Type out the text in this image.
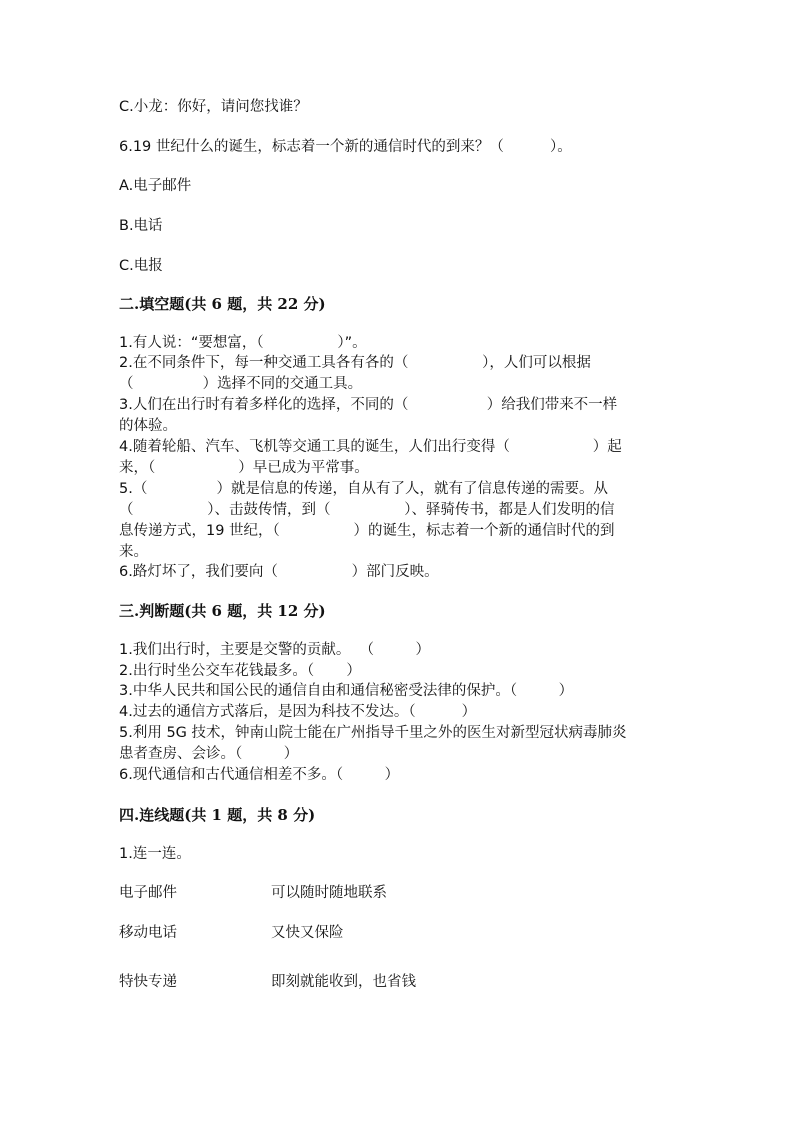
C.小龙：你好，请问您找谁？

6.19 世纪什么的诞生，标志着一个新的通信时代的到来？（          ）。

A.电子邮件

B.电话

C.电报

二.填空题(共 6 题，共 22 分)

1.有人说：“要想富，（                ）”。

2.在不同条件下，每一种交通工具各有各的（                ），人们可以根据

（               ）选择不同的交通工具。

3.人们在出行时有着多样化的选择，不同的（                 ）给我们带来不一样

的体验。

4.随着轮船、汽车、飞机等交通工具的诞生，人们出行变得（                  ）起

来，（                  ）早已成为平常事。

5.（               ）就是信息的传递，自从有了人，就有了信息传递的需要。从

（                ）、击鼓传情，到（                ）、驿骑传书，都是人们发明的信

息传递方式，19 世纪，（                ）的诞生，标志着一个新的通信时代的到

来。

6.路灯坏了，我们要向（                ）部门反映。

三.判断题(共 6 题，共 12 分)

1.我们出行时，主要是交警的贡献。  （         ）

2.出行时坐公交车花钱最多。（       ）

3.中华人民共和国公民的通信自由和通信秘密受法律的保护。（         ）

4.过去的通信方式落后，是因为科技不发达。（          ）

5.利用 5G 技术，钟南山院士能在广州指导千里之外的医生对新型冠状病毒肺炎

患者查房、会诊。（         ）

6.现代通信和古代通信相差不多。（         ）

四.连线题(共 1 题，共 8 分)

1.连一连。

电子邮件	可以随时随地联系

移动电话	又快又保险

特快专递	即刻就能收到，也省钱
